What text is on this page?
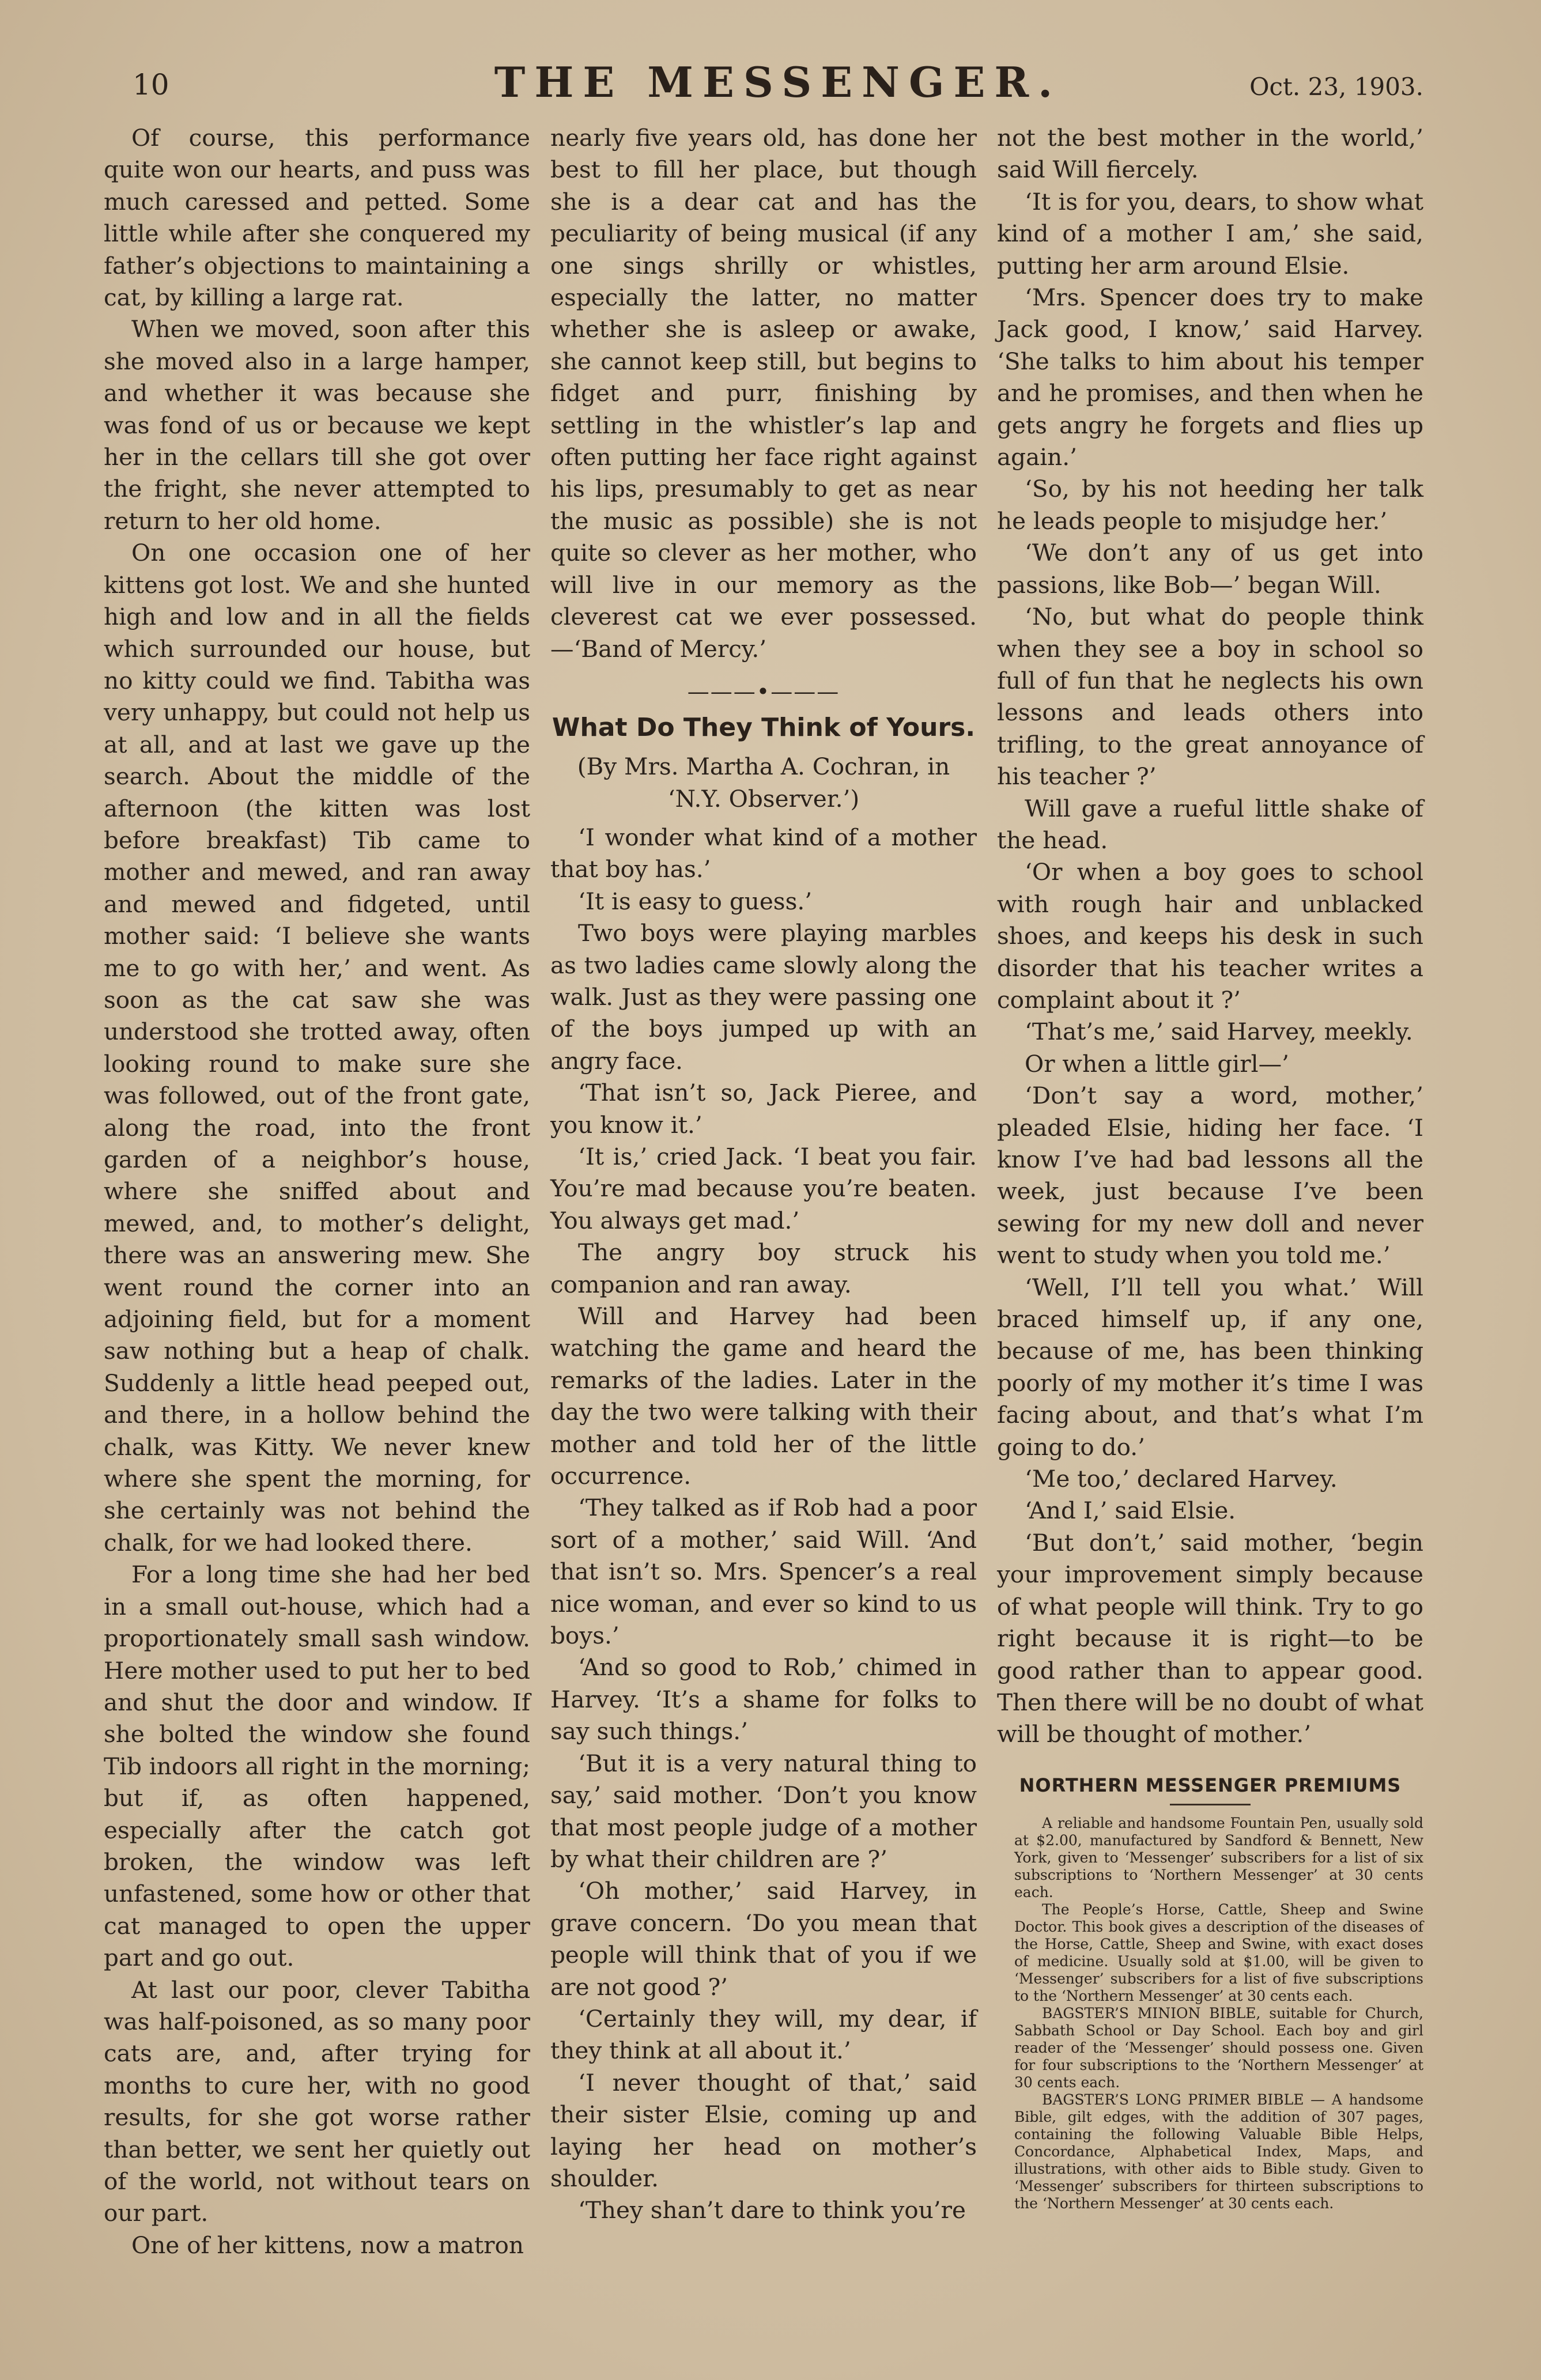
10	THE MESSENGER.	Oct. 23, 1903.

Of course, this performance quite won our hearts, and puss was much caressed and petted. Some little while after she conquered my father’s objections to maintaining a cat, by killing a large rat.

When we moved, soon after this she moved also in a large hamper, and whether it was because she was fond of us or because we kept her in the cellars till she got over the fright, she never attempted to return to her old home.

On one occasion one of her kittens got lost. We and she hunted high and low and in all the fields which surrounded our house, but no kitty could we find. Tabitha was very unhappy, but could not help us at all, and at last we gave up the search. About the middle of the afternoon (the kitten was lost before breakfast) Tib came to mother and mewed, and ran away and mewed and fidgeted, until mother said: ‘I believe she wants me to go with her,’ and went. As soon as the cat saw she was understood she trotted away, often looking round to make sure she was followed, out of the front gate, along the road, into the front garden of a neighbor’s house, where she sniffed about and mewed, and, to mother’s delight, there was an answering mew. She went round the corner into an adjoining field, but for a moment saw nothing but a heap of chalk. Suddenly a little head peeped out, and there, in a hollow behind the chalk, was Kitty. We never knew where she spent the morning, for she certainly was not behind the chalk, for we had looked there.

For a long time she had her bed in a small out-house, which had a proportionately small sash window. Here mother used to put her to bed and shut the door and window. If she bolted the window she found Tib indoors all right in the morning; but if, as often happened, especially after the catch got broken, the window was left unfastened, some how or other that cat managed to open the upper part and go out.

At last our poor, clever Tabitha was half-poisoned, as so many poor cats are, and, after trying for months to cure her, with no good results, for she got worse rather than better, we sent her quietly out of the world, not without tears on our part.

One of her kittens, now a matron

nearly five years old, has done her best to fill her place, but though she is a dear cat and has the peculiarity of being musical (if any one sings shrilly or whistles, especially the latter, no matter whether she is asleep or awake, she cannot keep still, but begins to fidget and purr, finishing by settling in the whistler’s lap and often putting her face right against his lips, presumably to get as near the music as possible) she is not quite so clever as her mother, who will live in our memory as the cleverest cat we ever possessed.—‘Band of Mercy.’

———•———
What Do They Think of Yours.
(By Mrs. Martha A. Cochran, in ‘N.Y. Observer.’)

‘I wonder what kind of a mother that boy has.’

‘It is easy to guess.’

Two boys were playing marbles as two ladies came slowly along the walk. Just as they were passing one of the boys jumped up with an angry face.

‘That isn’t so, Jack Pieree, and you know it.’

‘It is,’ cried Jack. ‘I beat you fair. You’re mad because you’re beaten. You always get mad.’

The angry boy struck his companion and ran away.

Will and Harvey had been watching the game and heard the remarks of the ladies. Later in the day the two were talking with their mother and told her of the little occurrence.

‘They talked as if Rob had a poor sort of a mother,’ said Will. ‘And that isn’t so. Mrs. Spencer’s a real nice woman, and ever so kind to us boys.’

‘And so good to Rob,’ chimed in Harvey. ‘It’s a shame for folks to say such things.’

‘But it is a very natural thing to say,’ said mother. ‘Don’t you know that most people judge of a mother by what their children are ?’

‘Oh mother,’ said Harvey, in grave concern. ‘Do you mean that people will think that of you if we are not good ?’

‘Certainly they will, my dear, if they think at all about it.’

‘I never thought of that,’ said their sister Elsie, coming up and laying her head on mother’s shoulder.

‘They shan’t dare to think you’re

not the best mother in the world,’ said Will fiercely.

‘It is for you, dears, to show what kind of a mother I am,’ she said, putting her arm around Elsie.

‘Mrs. Spencer does try to make Jack good, I know,’ said Harvey. ‘She talks to him about his temper and he promises, and then when he gets angry he forgets and flies up again.’

‘So, by his not heeding her talk he leads people to misjudge her.’

‘We don’t any of us get into passions, like Bob—’ began Will.

‘No, but what do people think when they see a boy in school so full of fun that he neglects his own lessons and leads others into trifling, to the great annoyance of his teacher ?’

Will gave a rueful little shake of the head.

‘Or when a boy goes to school with rough hair and unblacked shoes, and keeps his desk in such disorder that his teacher writes a complaint about it ?’

‘That’s me,’ said Harvey, meekly.

Or when a little girl—’

‘Don’t say a word, mother,’ pleaded Elsie, hiding her face. ‘I know I’ve had bad lessons all the week, just because I’ve been sewing for my new doll and never went to study when you told me.’

‘Well, I’ll tell you what.’ Will braced himself up, if any one, because of me, has been thinking poorly of my mother it’s time I was facing about, and that’s what I’m going to do.’

‘Me too,’ declared Harvey.

‘And I,’ said Elsie.

‘But don’t,’ said mother, ‘begin your improvement simply because of what people will think. Try to go right because it is right—to be good rather than to appear good. Then there will be no doubt of what will be thought of mother.’

NORTHERN MESSENGER PREMIUMS

A reliable and handsome Fountain Pen, usually sold at $2.00, manufactured by Sandford & Bennett, New York, given to ‘Messenger’ subscribers for a list of six subscriptions to ‘Northern Messenger’ at 30 cents each.

The People’s Horse, Cattle, Sheep and Swine Doctor. This book gives a description of the diseases of the Horse, Cattle, Sheep and Swine, with exact doses of medicine. Usually sold at $1.00, will be given to ‘Messenger’ subscribers for a list of five subscriptions to the ‘Northern Messenger’ at 30 cents each.

BAGSTER’S MINION BIBLE, suitable for Church, Sabbath School or Day School. Each boy and girl reader of the ‘Messenger’ should possess one. Given for four subscriptions to the ‘Northern Messenger’ at 30 cents each.

BAGSTER’S LONG PRIMER BIBLE — A handsome Bible, gilt edges, with the addition of 307 pages, containing the following Valuable Bible Helps, Concordance, Alphabetical Index, Maps, and illustrations, with other aids to Bible study. Given to ‘Messenger’ subscribers for thirteen subscriptions to the ‘Northern Messenger’ at 30 cents each.
